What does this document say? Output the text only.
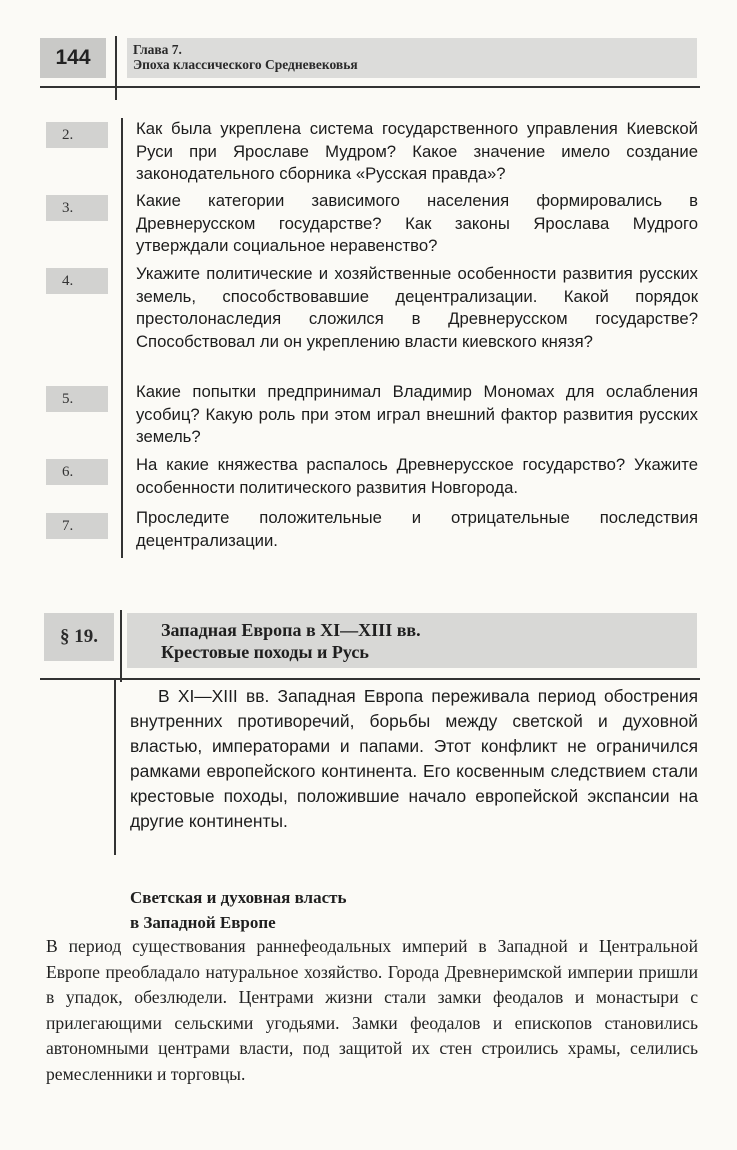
144	Глава 7.
Эпоха классического Средневековья
2.	Как была укреплена система государственного управления Киевской Руси при Ярославе Мудром? Какое значение имело создание законодательного сборника «Русская правда»?
3.	Какие категории зависимого населения формировались в Древнерусском государстве? Как законы Ярослава Мудрого утверждали социальное неравенство?
4.	Укажите политические и хозяйственные особенности развития русских земель, способствовавшие децентрализации. Какой порядок престолонаследия сложился в Древнерусском государстве? Способствовал ли он укреплению власти киевского князя?
5.	Какие попытки предпринимал Владимир Мономах для ослабления усобиц? Какую роль при этом играл внешний фактор развития русских земель?
6.	На какие княжества распалось Древнерусское государство? Укажите особенности политического развития Новгорода.
7.	Проследите положительные и отрицательные последствия децентрализации.
§ 19.	Западная Европа в XI—XIII вв.
Крестовые походы и Русь

В XI—XIII вв. Западная Европа переживала период обострения внутренних противоречий, борьбы между светской и духовной властью, императорами и папами. Этот конфликт не ограничился рамками европейского континента. Его косвенным следствием стали крестовые походы, положившие начало европейской экспансии на другие континенты.

Светская и духовная власть
в Западной Европе

В период существования раннефеодальных империй в Западной и Центральной Европе преобладало натуральное хозяйство. Города Древнеримской империи пришли в упадок, обезлюдели. Центрами жизни стали замки феодалов и монастыри с прилегающими сельскими угодьями. Замки феодалов и епископов становились автономными центрами власти, под защитой их стен строились храмы, селились ремесленники и торговцы.
